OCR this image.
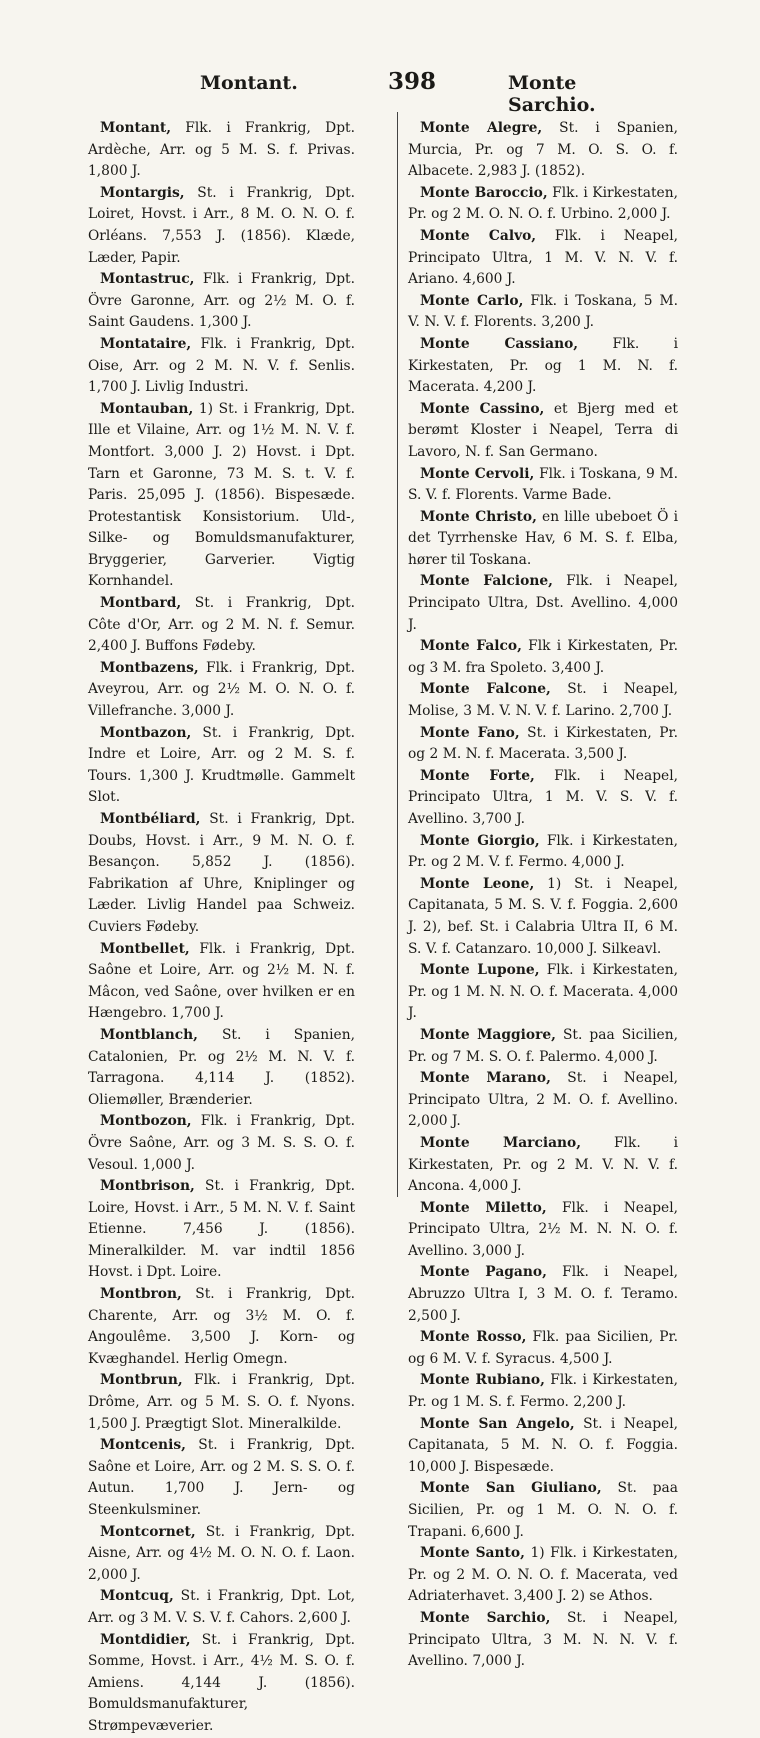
Montant.	398	Monte Sarchio.

Montant, Flk. i Frankrig, Dpt. Ardèche, Arr. og 5 M. S. f. Privas. 1,800 J.

Montargis, St. i Frankrig, Dpt. Loiret, Hovst. i Arr., 8 M. O. N. O. f. Orléans. 7,553 J. (1856). Klæde, Læder, Papir.

Montastruc, Flk. i Frankrig, Dpt. Övre Garonne, Arr. og 2½ M. O. f. Saint Gaudens. 1,300 J.

Montataire, Flk. i Frankrig, Dpt. Oise, Arr. og 2 M. N. V. f. Senlis. 1,700 J. Livlig Industri.

Montauban, 1) St. i Frankrig, Dpt. Ille et Vilaine, Arr. og 1½ M. N. V. f. Montfort. 3,000 J. 2) Hovst. i Dpt. Tarn et Garonne, 73 M. S. t. V. f. Paris. 25,095 J. (1856). Bispesæde. Protestantisk Konsistorium. Uld-, Silke- og Bomuldsmanufakturer, Bryggerier, Garverier. Vigtig Kornhandel.

Montbard, St. i Frankrig, Dpt. Côte d'Or, Arr. og 2 M. N. f. Semur. 2,400 J. Buffons Fødeby.

Montbazens, Flk. i Frankrig, Dpt. Aveyrou, Arr. og 2½ M. O. N. O. f. Villefranche. 3,000 J.

Montbazon, St. i Frankrig, Dpt. Indre et Loire, Arr. og 2 M. S. f. Tours. 1,300 J. Krudtmølle. Gammelt Slot.

Montbéliard, St. i Frankrig, Dpt. Doubs, Hovst. i Arr., 9 M. N. O. f. Besançon. 5,852 J. (1856). Fabrikation af Uhre, Kniplinger og Læder. Livlig Handel paa Schweiz. Cuviers Fødeby.

Montbellet, Flk. i Frankrig, Dpt. Saône et Loire, Arr. og 2½ M. N. f. Mâcon, ved Saône, over hvilken er en Hængebro. 1,700 J.

Montblanch, St. i Spanien, Catalonien, Pr. og 2½ M. N. V. f. Tarragona. 4,114 J. (1852). Oliemøller, Brænderier.

Montbozon, Flk. i Frankrig, Dpt. Övre Saône, Arr. og 3 M. S. S. O. f. Vesoul. 1,000 J.

Montbrison, St. i Frankrig, Dpt. Loire, Hovst. i Arr., 5 M. N. V. f. Saint Etienne. 7,456 J. (1856). Mineralkilder. M. var indtil 1856 Hovst. i Dpt. Loire.

Montbron, St. i Frankrig, Dpt. Charente, Arr. og 3½ M. O. f. Angoulême. 3,500 J. Korn- og Kvæghandel. Herlig Omegn.

Montbrun, Flk. i Frankrig, Dpt. Drôme, Arr. og 5 M. S. O. f. Nyons. 1,500 J. Prægtigt Slot. Mineralkilde.

Montcenis, St. i Frankrig, Dpt. Saône et Loire, Arr. og 2 M. S. S. O. f. Autun. 1,700 J. Jern- og Steenkulsminer.

Montcornet, St. i Frankrig, Dpt. Aisne, Arr. og 4½ M. O. N. O. f. Laon. 2,000 J.

Montcuq, St. i Frankrig, Dpt. Lot, Arr. og 3 M. V. S. V. f. Cahors. 2,600 J.

Montdidier, St. i Frankrig, Dpt. Somme, Hovst. i Arr., 4½ M. S. O. f. Amiens. 4,144 J. (1856). Bomuldsmanufakturer, Strømpevæverier.

Monte Alegre, St. i Spanien, Murcia, Pr. og 7 M. O. S. O. f. Albacete. 2,983 J. (1852).

Monte Baroccio, Flk. i Kirkestaten, Pr. og 2 M. O. N. O. f. Urbino. 2,000 J.

Monte Calvo, Flk. i Neapel, Principato Ultra, 1 M. V. N. V. f. Ariano. 4,600 J.

Monte Carlo, Flk. i Toskana, 5 M. V. N. V. f. Florents. 3,200 J.

Monte Cassiano, Flk. i Kirkestaten, Pr. og 1 M. N. f. Macerata. 4,200 J.

Monte Cassino, et Bjerg med et berømt Kloster i Neapel, Terra di Lavoro, N. f. San Germano.

Monte Cervoli, Flk. i Toskana, 9 M. S. V. f. Florents. Varme Bade.

Monte Christo, en lille ubeboet Ö i det Tyrrhenske Hav, 6 M. S. f. Elba, hører til Toskana.

Monte Falcione, Flk. i Neapel, Principato Ultra, Dst. Avellino. 4,000 J.

Monte Falco, Flk i Kirkestaten, Pr. og 3 M. fra Spoleto. 3,400 J.

Monte Falcone, St. i Neapel, Molise, 3 M. V. N. V. f. Larino. 2,700 J.

Monte Fano, St. i Kirkestaten, Pr. og 2 M. N. f. Macerata. 3,500 J.

Monte Forte, Flk. i Neapel, Principato Ultra, 1 M. V. S. V. f. Avellino. 3,700 J.

Monte Giorgio, Flk. i Kirkestaten, Pr. og 2 M. V. f. Fermo. 4,000 J.

Monte Leone, 1) St. i Neapel, Capitanata, 5 M. S. V. f. Foggia. 2,600 J. 2), bef. St. i Calabria Ultra II, 6 M. S. V. f. Catanzaro. 10,000 J. Silkeavl.

Monte Lupone, Flk. i Kirkestaten, Pr. og 1 M. N. N. O. f. Macerata. 4,000 J.

Monte Maggiore, St. paa Sicilien, Pr. og 7 M. S. O. f. Palermo. 4,000 J.

Monte Marano, St. i Neapel, Principato Ultra, 2 M. O. f. Avellino. 2,000 J.

Monte Marciano, Flk. i Kirkestaten, Pr. og 2 M. V. N. V. f. Ancona. 4,000 J.

Monte Miletto, Flk. i Neapel, Principato Ultra, 2½ M. N. N. O. f. Avellino. 3,000 J.

Monte Pagano, Flk. i Neapel, Abruzzo Ultra I, 3 M. O. f. Teramo. 2,500 J.

Monte Rosso, Flk. paa Sicilien, Pr. og 6 M. V. f. Syracus. 4,500 J.

Monte Rubiano, Flk. i Kirkestaten, Pr. og 1 M. S. f. Fermo. 2,200 J.

Monte San Angelo, St. i Neapel, Capitanata, 5 M. N. O. f. Foggia. 10,000 J. Bispesæde.

Monte San Giuliano, St. paa Sicilien, Pr. og 1 M. O. N. O. f. Trapani. 6,600 J.

Monte Santo, 1) Flk. i Kirkestaten, Pr. og 2 M. O. N. O. f. Macerata, ved Adriaterhavet. 3,400 J. 2) se Athos.

Monte Sarchio, St. i Neapel, Principato Ultra, 3 M. N. N. V. f. Avellino. 7,000 J.
